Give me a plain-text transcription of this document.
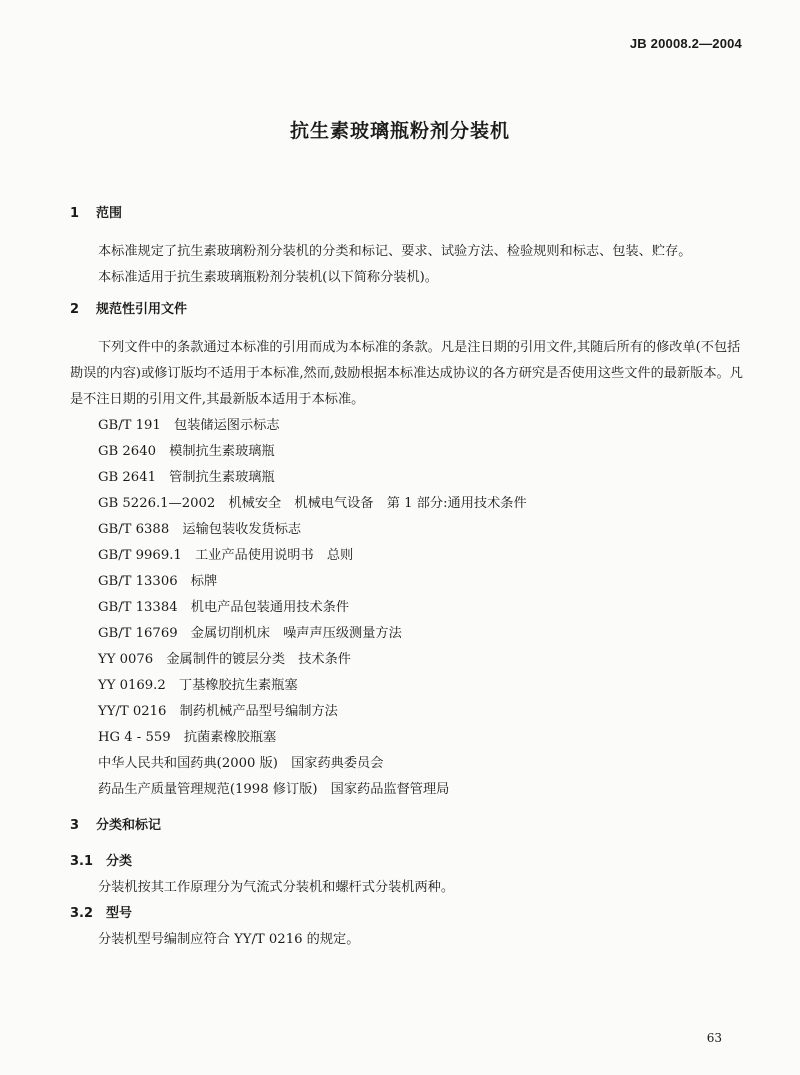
JB 20008.2—2004
抗生素玻璃瓶粉剂分装机

1 范围

本标准规定了抗生素玻璃粉剂分装机的分类和标记、要求、试验方法、检验规则和标志、包装、贮存。

本标准适用于抗生素玻璃瓶粉剂分装机(以下简称分装机)。

2 规范性引用文件

下列文件中的条款通过本标准的引用而成为本标准的条款。凡是注日期的引用文件,其随后所有的修改单(不包括勘误的内容)或修订版均不适用于本标准,然而,鼓励根据本标准达成协议的各方研究是否使用这些文件的最新版本。凡是不注日期的引用文件,其最新版本适用于本标准。

GB/T 191　包装储运图示标志
GB 2640　模制抗生素玻璃瓶
GB 2641　管制抗生素玻璃瓶
GB 5226.1—2002　机械安全　机械电气设备　第 1 部分:通用技术条件
GB/T 6388　运输包装收发货标志
GB/T 9969.1　工业产品使用说明书　总则
GB/T 13306　标牌
GB/T 13384　机电产品包装通用技术条件
GB/T 16769　金属切削机床　噪声声压级测量方法
YY 0076　金属制件的镀层分类　技术条件
YY 0169.2　丁基橡胶抗生素瓶塞
YY/T 0216　制药机械产品型号编制方法
HG 4 - 559　抗菌素橡胶瓶塞
中华人民共和国药典(2000 版)　国家药典委员会
药品生产质量管理规范(1998 修订版)　国家药品监督管理局

3 分类和标记

3.1 分类

分装机按其工作原理分为气流式分装机和螺杆式分装机两种。

3.2 型号

分装机型号编制应符合 YY/T 0216 的规定。

63
